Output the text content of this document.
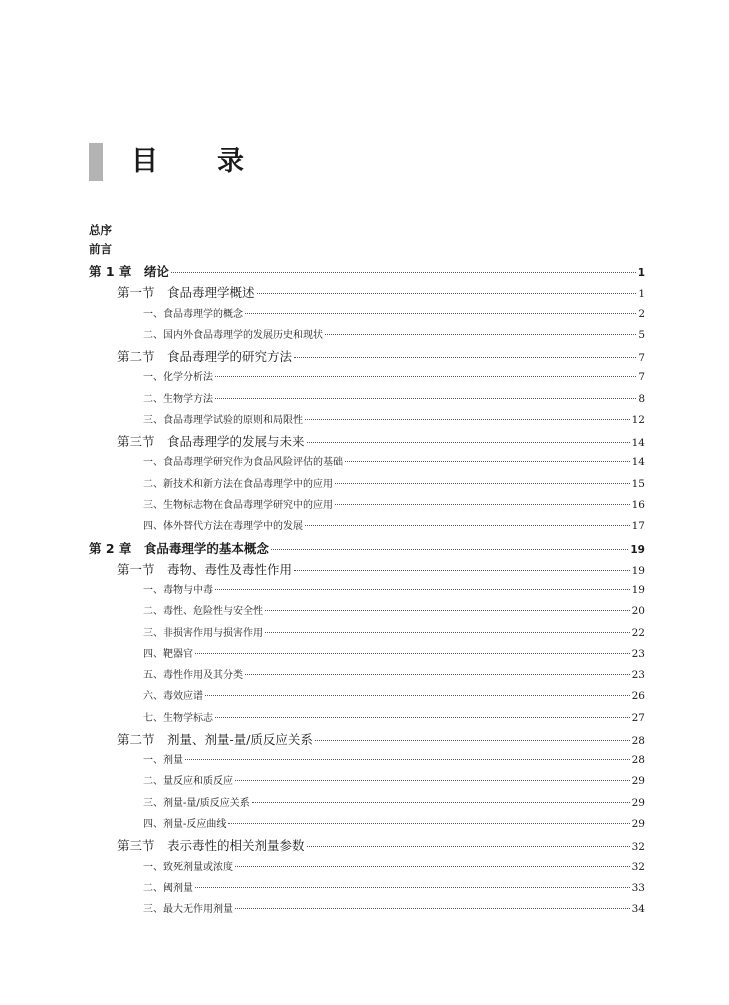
目 录
总序
前言
第 1 章　绪论	1
第一节　食品毒理学概述	1
一、食品毒理学的概念	2
二、国内外食品毒理学的发展历史和现状	5
第二节　食品毒理学的研究方法	7
一、化学分析法	7
二、生物学方法	8
三、食品毒理学试验的原则和局限性	12
第三节　食品毒理学的发展与未来	14
一、食品毒理学研究作为食品风险评估的基础	14
二、新技术和新方法在食品毒理学中的应用	15
三、生物标志物在食品毒理学研究中的应用	16
四、体外替代方法在毒理学中的发展	17
第 2 章　食品毒理学的基本概念	19
第一节　毒物、毒性及毒性作用	19
一、毒物与中毒	19
二、毒性、危险性与安全性	20
三、非损害作用与损害作用	22
四、靶器官	23
五、毒性作用及其分类	23
六、毒效应谱	26
七、生物学标志	27
第二节　剂量、剂量-量/质反应关系	28
一、剂量	28
二、量反应和质反应	29
三、剂量-量/质反应关系	29
四、剂量-反应曲线	29
第三节　表示毒性的相关剂量参数	32
一、致死剂量或浓度	32
二、阈剂量	33
三、最大无作用剂量	34
